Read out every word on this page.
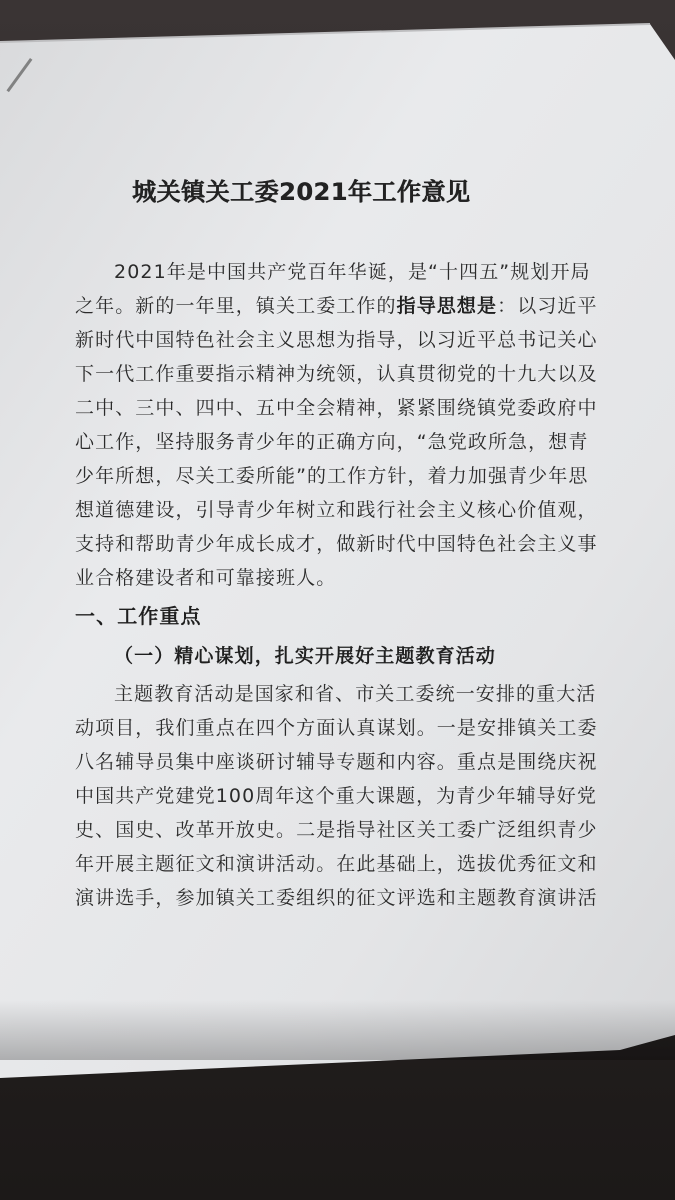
城关镇关工委2021年工作意见
2021年是中国共产党百年华诞，是“十四五”规划开局
之年。新的一年里，镇关工委工作的指导思想是：以习近平
新时代中国特色社会主义思想为指导，以习近平总书记关心
下一代工作重要指示精神为统领，认真贯彻党的十九大以及
二中、三中、四中、五中全会精神，紧紧围绕镇党委政府中
心工作，坚持服务青少年的正确方向，“急党政所急，想青
少年所想，尽关工委所能”的工作方针，着力加强青少年思
想道德建设，引导青少年树立和践行社会主义核心价值观，
支持和帮助青少年成长成才，做新时代中国特色社会主义事
业合格建设者和可靠接班人。
一、工作重点
（一）精心谋划，扎实开展好主题教育活动
主题教育活动是国家和省、市关工委统一安排的重大活
动项目，我们重点在四个方面认真谋划。一是安排镇关工委
八名辅导员集中座谈研讨辅导专题和内容。重点是围绕庆祝
中国共产党建党100周年这个重大课题，为青少年辅导好党
史、国史、改革开放史。二是指导社区关工委广泛组织青少
年开展主题征文和演讲活动。在此基础上，选拔优秀征文和
演讲选手，参加镇关工委组织的征文评选和主题教育演讲活
